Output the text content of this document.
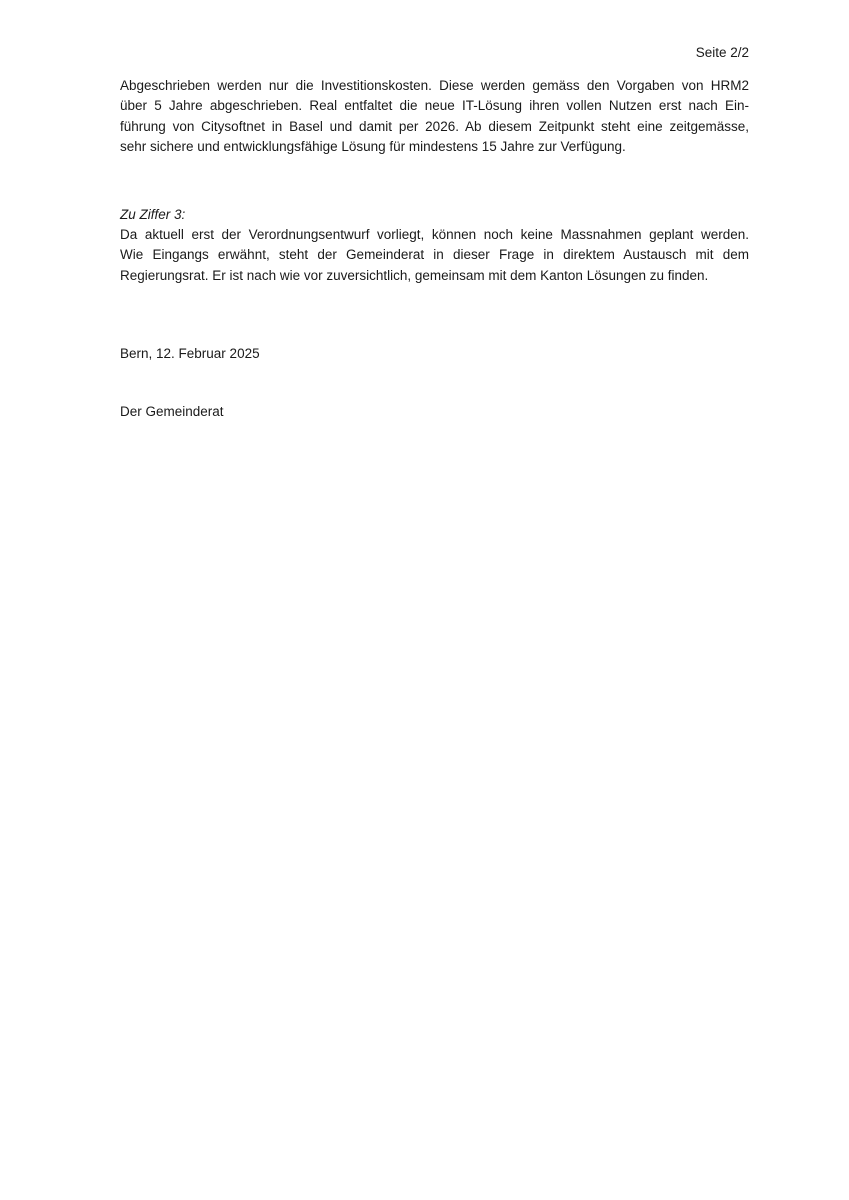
Seite 2/2
Abgeschrieben werden nur die Investitionskosten. Diese werden gemäss den Vorgaben von HRM2
über 5 Jahre abgeschrieben. Real entfaltet die neue IT-Lösung ihren vollen Nutzen erst nach Ein-
führung von Citysoftnet in Basel und damit per 2026. Ab diesem Zeitpunkt steht eine zeitgemässe,
sehr sichere und entwicklungsfähige Lösung für mindestens 15 Jahre zur Verfügung.
Zu Ziffer 3:
Da aktuell erst der Verordnungsentwurf vorliegt, können noch keine Massnahmen geplant werden.
Wie Eingangs erwähnt, steht der Gemeinderat in dieser Frage in direktem Austausch mit dem
Regierungsrat. Er ist nach wie vor zuversichtlich, gemeinsam mit dem Kanton Lösungen zu finden.
Bern, 12. Februar 2025
Der Gemeinderat
